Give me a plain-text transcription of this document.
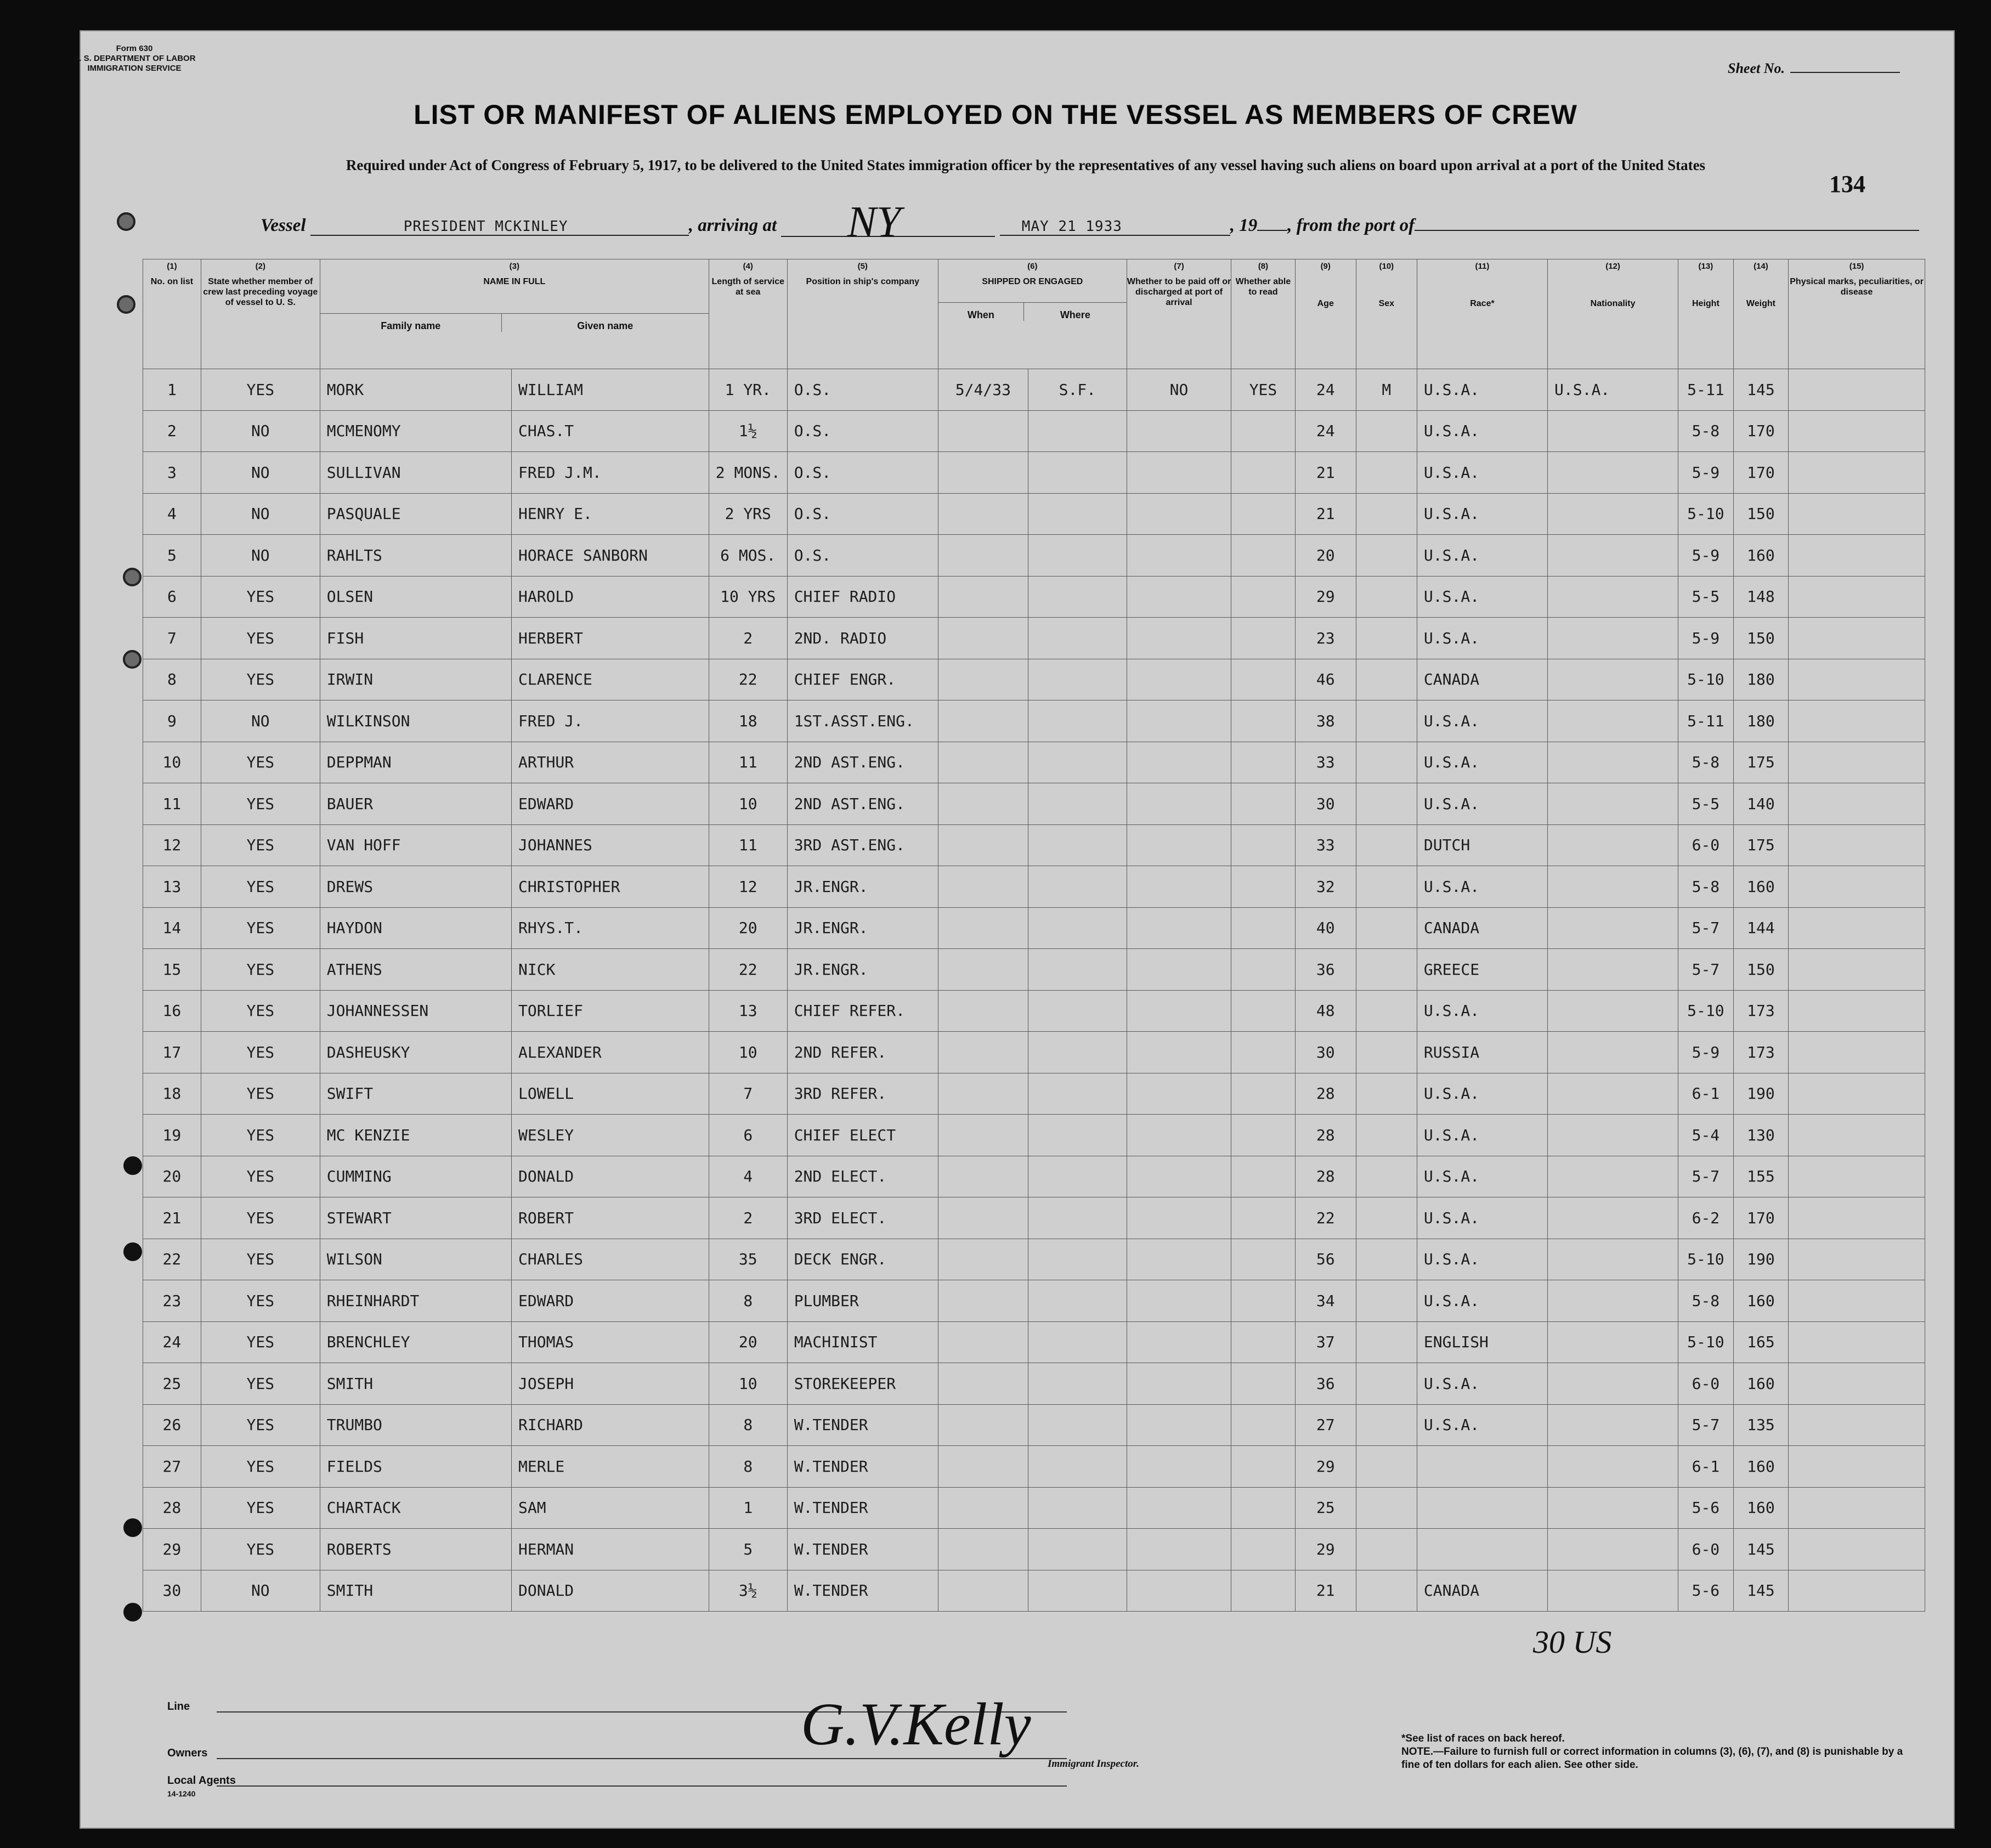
Form 630
U. S. DEPARTMENT OF LABOR
IMMIGRATION SERVICE	Sheet No.
LIST OR MANIFEST OF ALIENS EMPLOYED ON THE VESSEL AS MEMBERS OF CREW
Required under Act of Congress of February 5, 1917, to be delivered to the United States immigration officer by the representatives of any vessel having such aliens on board upon arrival at a port of the United States
134
Vessel	PRESIDENT MCKINLEY	, arriving at NY	MAY 21 1933	, 19 , from the port of
(1)
No. on list	(2)
State whether member of crew last preceding voyage of vessel to U. S.	(3)
NAME IN FULL
Family name Given name		(4)
Length of service at sea	(5)
Position in ship's company	(6)
SHIPPED OR ENGAGED
When Where		(7)
Whether to be paid off or discharged at port of arrival	(8)
Whether able to read	(9)
Age	(10)
Sex	(11)
Race*	(12)
Nationality	(13)
Height	(14)
Weight	(15)
Physical marks, peculiarities, or disease

1	YES	MORK	WILLIAM	1 YR.	O.S.	5/4/33	S.F.	NO	YES	24	M	U.S.A.	U.S.A.	5-11	145		
2	NO	MCMENOMY	CHAS.T	1½	O.S.					24		U.S.A.		5-8	170		
3	NO	SULLIVAN	FRED J.M.	2 MONS.	O.S.					21		U.S.A.		5-9	170		
4	NO	PASQUALE	HENRY E.	2 YRS	O.S.					21		U.S.A.		5-10	150		
5	NO	RAHLTS	HORACE SANBORN	6 MOS.	O.S.					20		U.S.A.		5-9	160		
6	YES	OLSEN	HAROLD	10 YRS	CHIEF RADIO					29		U.S.A.		5-5	148		
7	YES	FISH	HERBERT	2	2ND. RADIO					23		U.S.A.		5-9	150		
8	YES	IRWIN	CLARENCE	22	CHIEF ENGR.					46		CANADA		5-10	180		
9	NO	WILKINSON	FRED J.	18	1ST.ASST.ENG.					38		U.S.A.		5-11	180		
10	YES	DEPPMAN	ARTHUR	11	2ND AST.ENG.					33		U.S.A.		5-8	175		
11	YES	BAUER	EDWARD	10	2ND AST.ENG.					30		U.S.A.		5-5	140		
12	YES	VAN HOFF	JOHANNES	11	3RD AST.ENG.					33		DUTCH		6-0	175		
13	YES	DREWS	CHRISTOPHER	12	JR.ENGR.					32		U.S.A.		5-8	160		
14	YES	HAYDON	RHYS.T.	20	JR.ENGR.					40		CANADA		5-7	144		
15	YES	ATHENS	NICK	22	JR.ENGR.					36		GREECE		5-7	150		
16	YES	JOHANNESSEN	TORLIEF	13	CHIEF REFER.					48		U.S.A.		5-10	173		
17	YES	DASHEUSKY	ALEXANDER	10	2ND REFER.					30		RUSSIA		5-9	173		
18	YES	SWIFT	LOWELL	7	3RD REFER.					28		U.S.A.		6-1	190		
19	YES	MC KENZIE	WESLEY	6	CHIEF ELECT					28		U.S.A.		5-4	130		
20	YES	CUMMING	DONALD	4	2ND ELECT.					28		U.S.A.		5-7	155		
21	YES	STEWART	ROBERT	2	3RD ELECT.					22		U.S.A.		6-2	170		
22	YES	WILSON	CHARLES	35	DECK ENGR.					56		U.S.A.		5-10	190		
23	YES	RHEINHARDT	EDWARD	8	PLUMBER					34		U.S.A.		5-8	160		
24	YES	BRENCHLEY	THOMAS	20	MACHINIST					37		ENGLISH		5-10	165		
25	YES	SMITH	JOSEPH	10	STOREKEEPER					36		U.S.A.		6-0	160		
26	YES	TRUMBO	RICHARD	8	W.TENDER					27		U.S.A.		5-7	135		
27	YES	FIELDS	MERLE	8	W.TENDER					29				6-1	160		
28	YES	CHARTACK	SAM	1	W.TENDER					25				5-6	160		
29	YES	ROBERTS	HERMAN	5	W.TENDER					29				6-0	145		
30	NO	SMITH	DONALD	3½	W.TENDER					21		CANADA		5-6	145		
30 US
Line
Owners
Local Agents
14-1240
G.V.Kelly
Immigrant Inspector.
*See list of races on back hereof.
NOTE.—Failure to furnish full or correct information in columns (3), (6), (7), and (8) is punishable by a fine of ten dollars for each alien. See other side.
